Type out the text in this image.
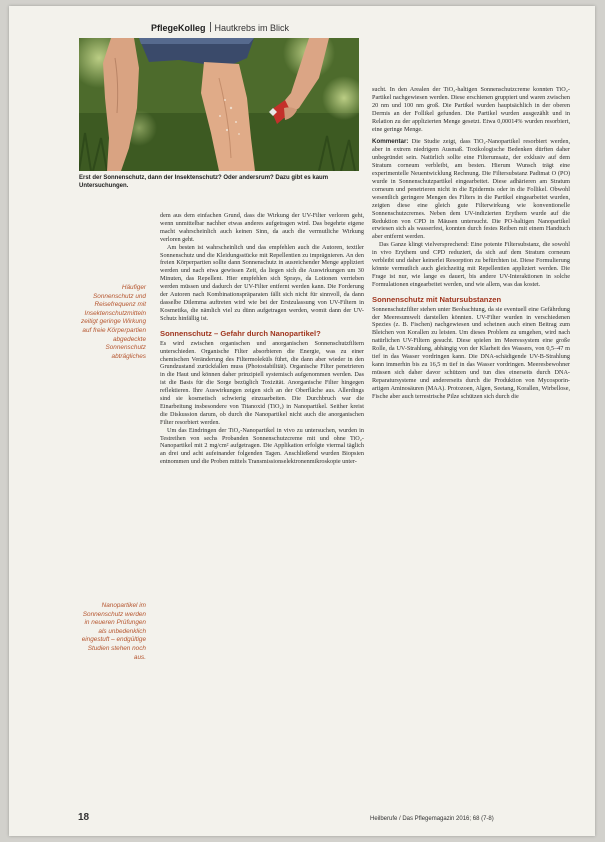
PflegeKolleg Hautkrebs im Blick
Erst der Sonnenschutz, dann der Insektenschutz? Oder andersrum? Dazu gibt es kaum Untersuchungen.
Häufiger Sonnenschutz und Reisefrequenz mit Insektenschutzmitteln zeitigt geringe Wirkung auf freie Körperpartien abgedeckte Sonnenschutz abträgliches
Nanopartikel im Sonnenschutz werden in neueren Prüfungen als unbedenklich eingestuft – endgültige Studien stehen noch aus.

dem aus dem einfachen Grund, dass die Wirkung der UV-Filter verloren geht, wenn unmittelbar nachher etwas anderes aufgetragen wird. Das begehrte eigene macht wahrscheinlich auch keinen Sinn, da auch die vermutliche Wirkung verloren geht.

Am besten ist wahrscheinlich und das empfehlen auch die Autoren, textiler Sonnenschutz und die Kleidungsstücke mit Repellentien zu imprägnieren. An den freien Körperpartien sollte dann Sonnenschutz in ausreichender Menge appliziert werden und nach etwa gewissen Zeit, da liegen sich die Auswirkungen um 30 Minuten, das Repellent. Hier empfehlen sich Sprays, da Lotionen verrieben werden müssen und dadurch der UV-Filter entfernt werden kann. Die Forderung der Autoren nach Kombinationspräparaten fällt sich nicht für sinnvoll, da dann dasselbe Dilemma auftreten wird wie bei der Erstzulassung von UV-Filtern in Kosmetika, die nämlich viel zu dünn aufgetragen werden, womit dann der UV-Schutz hinfällig ist.

Sonnenschutz – Gefahr durch Nanopartikel?

Es wird zwischen organischen und anorganischen Sonnenschutzfiltern unterschieden. Organische Filter absorbieren die Energie, was zu einer chemischen Veränderung des Filtermoleküls führt, die dann aber wieder in den Grundzustand zurückfallen muss (Photostabilität). Organische Filter penetrieren in die Haut und können daher prinzipiell systemisch aufgenommen werden. Das ist die Basis für die Sorge bezüglich Toxizität. Anorganische Filter hingegen reflektieren. Ihre Auswirkungen zeigen sich an der Oberfläche aus. Allerdings sind sie kosmetisch schwierig einzuarbeiten. Die Durchbruch war die Einarbeitung insbesondere von Titanoxid (TiO₂) in Nanopartikel. Seither kreist die Diskussion darum, ob durch die Nanopartikel nicht auch die anorganischen Filter resorbiert werden.

Um das Eindringen der TiO₂-Nanopartikel in vivo zu untersuchen, wurden in Testreihen von sechs Probanden Sonnenschutzcreme mit und ohne TiO₂-Nanopartikel mit 2 mg/cm² aufgetragen. Die Applikation erfolgte viermal täglich an drei und acht aufeinander folgenden Tagen. Anschließend wurden Biopsien entnommen und die Proben mittels Transmissionselektronenmikroskopie unter-

sucht. In den Arealen der TiO₂-haltigen Sonnenschutzcreme konnten TiO₂-Partikel nachgewiesen werden. Diese erschienen gruppiert und waren zwischen 20 nm und 100 nm groß. Die Partikel wurden hauptsächlich in der oberen Dermis an der Follikel gefunden. Die Partikel wurden ausgezählt und in Relation zu der applizierten Menge gesetzt. Etwa 0,00014% wurden resorbiert, eine geringe Menge.

Kommentar: Die Studie zeigt, dass TiO₂-Nanopartikel resorbiert werden, aber in extrem niedrigem Ausmaß. Toxikologische Bedenken dürften daher unbegründet sein. Natürlich sollte eine Filterumsatz, der exklusiv auf dem Stratum corneum verbleibt, am besten. Hierum Wunsch trägt eine experimentelle Neuentwicklung Rechnung. Die Filtersubstanz Padimat O (PO) wurde in Sonnenschutzpartikel eingearbeitet. Diese adhärieren am Stratum corneum und penetrieren nicht in die Epidermis oder in die Follikel. Obwohl wesentlich geringere Mengen des Filters in die Partikel eingearbeitet wurden, zeigten diese eine gleich gute Filterwirkung wie konventionelle Sonnenschutzcremes. Neben dem UV-indizierten Erythem wurde auf die Reduktion von CPD in Mäusen untersucht. Die PO-haltigen Nanopartikel erwiesen sich als wasserfest, konnten durch festes Reiben mit einem Handtuch aber entfernt werden.

Das Ganze klingt vielversprechend: Eine potente Filtersubstanz, die sowohl in vivo Erythem und CPD reduziert, da sich auf dem Stratum corneum verbleibt und daher keinerlei Resorption zu befürchten ist. Diese Formulierung könnte vermutlich auch gleichzeitig mit Repellentien appliziert werden. Die Frage ist nur, wie lange es dauert, bis andere UV-Interaktionen in solche Formulationen eingearbeitet werden, und wie allem, was das kostet.

Sonnenschutz mit Natursubstanzen

Sonnenschutzfilter stehen unter Beobachtung, da sie eventuell eine Gefährdung der Meeresumwelt darstellen könnten. UV-Filter wurden in verschiedenen Spezies (z. B. Fischen) nachgewiesen und scheinen auch einen Beitrag zum Bleichen von Korallen zu leisten. Um dieses Problem zu umgehen, wird nach natürlichen UV-Filtern gesucht. Diese spielen im Meeressystem eine große Rolle, da UV-Strahlung, abhängig von der Klarheit des Wassers, von 0,5–47 m tief in das Wasser vordringen kann. Die DNA-schädigende UV-B-Strahlung kann immerhin bis zu 16,5 m tief in das Wasser vordringen. Meeresbewohner müssen sich daher davor schützen und tun dies einerseits durch DNA-Reparatursysteme und andererseits durch die Produktion von Mycosporin-artigen Aminosäuren (MAA). Protozoen, Algen, Seetang, Korallen, Wirbellose, Fische aber auch terrestrische Pilze schützen sich durch die

18	Heilberufe / Das Pflegemagazin 2016; 68 (7-8)
